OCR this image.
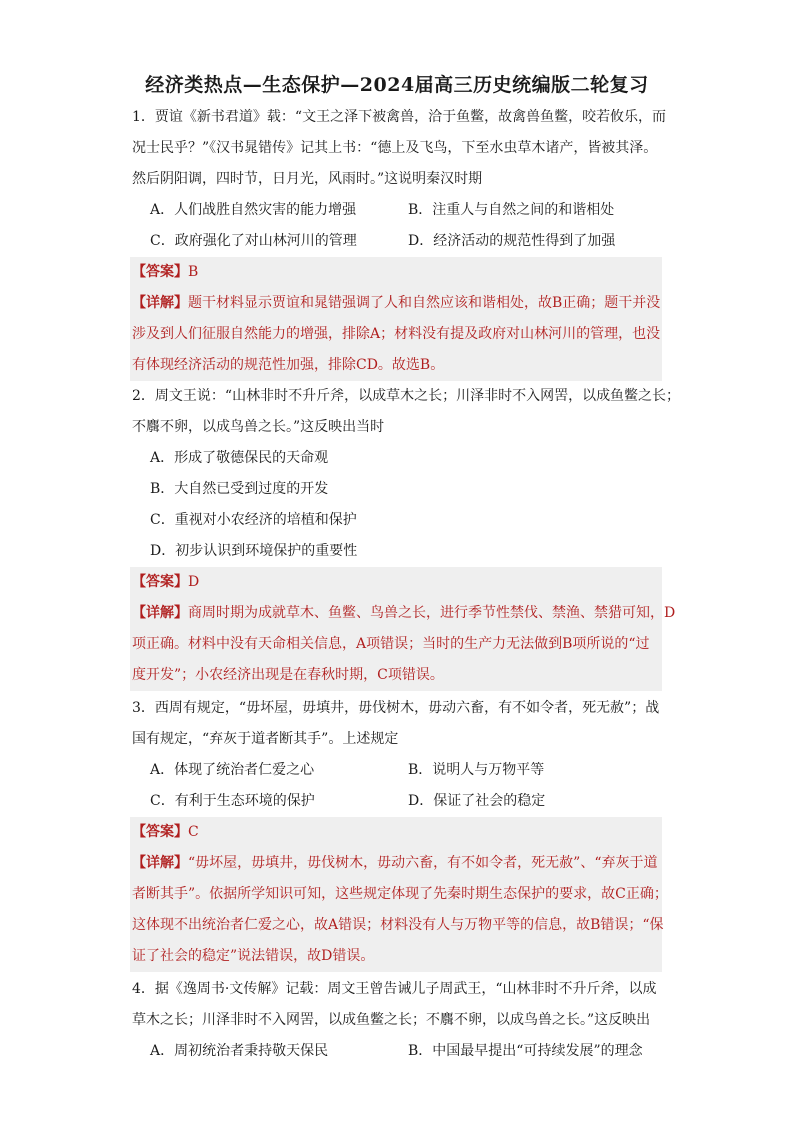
经济类热点—生态保护—2024届高三历史统编版二轮复习
1．贾谊《新书君道》载：“文王之泽下被禽兽，洽于鱼鳖，故禽兽鱼鳖，咬若攸乐，而
况士民乎？”《汉书晁错传》记其上书：“德上及飞鸟，下至水虫草木诸产，皆被其泽。
然后阴阳调，四时节，日月光，风雨时。”这说明秦汉时期
A．人们战胜自然灾害的能力增强	B．注重人与自然之间的和谐相处
C．政府强化了对山林河川的管理	D．经济活动的规范性得到了加强
【答案】B
【详解】题干材料显示贾谊和晁错强调了人和自然应该和谐相处，故B正确；题干并没
涉及到人们征服自然能力的增强，排除A；材料没有提及政府对山林河川的管理，也没
有体现经济活动的规范性加强，排除CD。故选B。
2．周文王说：“山林非时不升斤斧，以成草木之长；川泽非时不入网罟，以成鱼鳖之长；
不麛不卵，以成鸟兽之长。”这反映出当时
A．形成了敬德保民的天命观
B．大自然已受到过度的开发
C．重视对小农经济的培植和保护
D．初步认识到环境保护的重要性
【答案】D
【详解】商周时期为成就草木、鱼鳖、鸟兽之长，进行季节性禁伐、禁渔、禁猎可知，D
项正确。材料中没有天命相关信息，A项错误；当时的生产力无法做到B项所说的“过
度开发”；小农经济出现是在春秋时期，C项错误。
3．西周有规定，“毋坏屋，毋填井，毋伐树木，毋动六畜，有不如令者，死无赦”；战
国有规定，“弃灰于道者断其手”。上述规定
A．体现了统治者仁爱之心	B．说明人与万物平等
C．有利于生态环境的保护	D．保证了社会的稳定
【答案】C
【详解】“毋坏屋，毋填井，毋伐树木，毋动六畜，有不如令者，死无赦”、“弃灰于道
者断其手”。依据所学知识可知，这些规定体现了先秦时期生态保护的要求，故C正确；
这体现不出统治者仁爱之心，故A错误；材料没有人与万物平等的信息，故B错误；“保
证了社会的稳定”说法错误，故D错误。
4．据《逸周书·文传解》记载：周文王曾告诫儿子周武王，“山林非时不升斤斧，以成
草木之长；川泽非时不入网罟，以成鱼鳖之长；不麛不卵，以成鸟兽之长。”这反映出
A．周初统治者秉持敬天保民	B．中国最早提出“可持续发展”的理念
